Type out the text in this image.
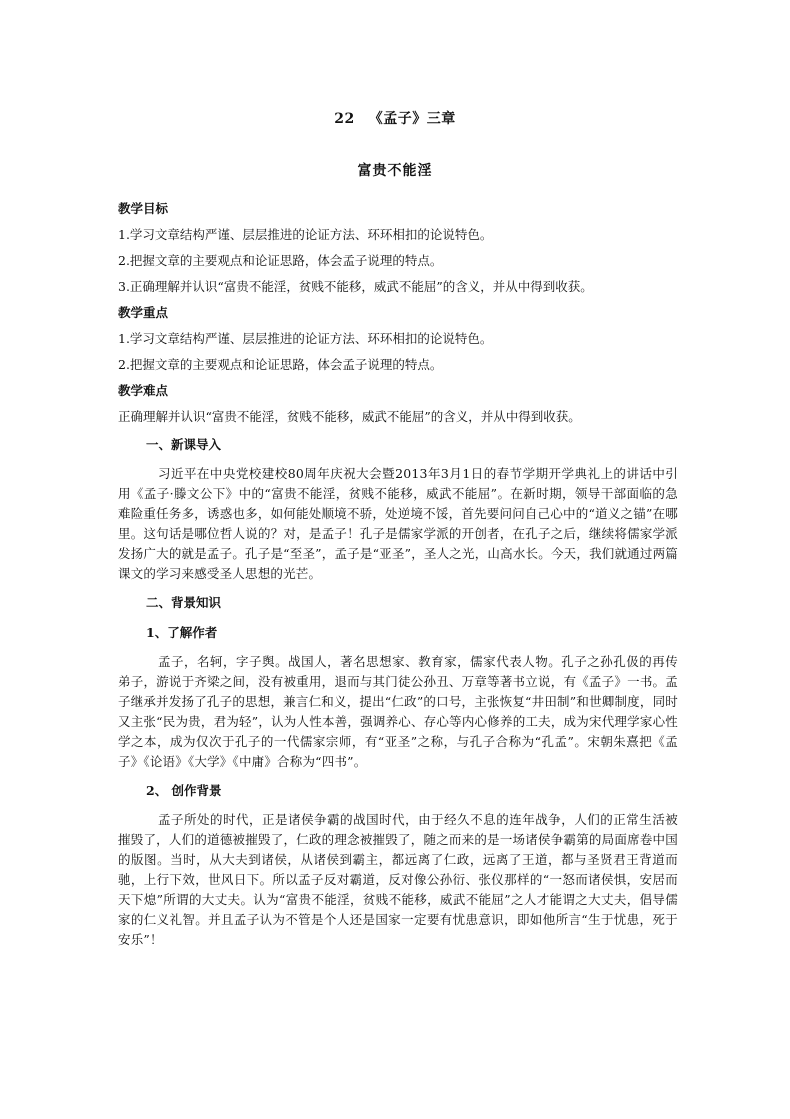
22 《孟子》三章
富贵不能淫

教学目标

1.学习文章结构严谨、层层推进的论证方法、环环相扣的论说特色。

2.把握文章的主要观点和论证思路，体会孟子说理的特点。

3.正确理解并认识“富贵不能淫，贫贱不能移，威武不能屈”的含义，并从中得到收获。

教学重点

1.学习文章结构严谨、层层推进的论证方法、环环相扣的论说特色。

2.把握文章的主要观点和论证思路，体会孟子说理的特点。

教学难点

正确理解并认识“富贵不能淫，贫贱不能移，威武不能屈”的含义，并从中得到收获。

一、新课导入

习近平在中央党校建校80周年庆祝大会暨2013年3月1日的春节学期开学典礼上的讲话中引用《孟子·滕文公下》中的“富贵不能淫，贫贱不能移，威武不能屈”。在新时期，领导干部面临的急难险重任务多，诱惑也多，如何能处顺境不骄，处逆境不馁，首先要问问自己心中的“道义之锚”在哪里。这句话是哪位哲人说的？对，是孟子！孔子是儒家学派的开创者，在孔子之后，继续将儒家学派发扬广大的就是孟子。孔子是“至圣”，孟子是“亚圣”，圣人之光，山高水长。今天，我们就通过两篇课文的学习来感受圣人思想的光芒。

二、背景知识

1、了解作者

孟子，名轲，字子舆。战国人，著名思想家、教育家，儒家代表人物。孔子之孙孔伋的再传弟子，游说于齐梁之间，没有被重用，退而与其门徒公孙丑、万章等著书立说，有《孟子》一书。孟子继承并发扬了孔子的思想，兼言仁和义，提出“仁政”的口号，主张恢复“井田制”和世卿制度，同时又主张“民为贵，君为轻”，认为人性本善，强调养心、存心等内心修养的工夫，成为宋代理学家心性学之本，成为仅次于孔子的一代儒家宗师，有“亚圣”之称，与孔子合称为“孔孟”。宋朝朱熹把《孟子》《论语》《大学》《中庸》合称为“四书”。

2、 创作背景

孟子所处的时代，正是诸侯争霸的战国时代，由于经久不息的连年战争，人们的正常生活被摧毁了，人们的道德被摧毁了，仁政的理念被摧毁了，随之而来的是一场诸侯争霸第的局面席卷中国的版图。当时，从大夫到诸侯，从诸侯到霸主，都远离了仁政，远离了王道，都与圣贤君王背道而驰，上行下效，世风日下。所以孟子反对霸道，反对像公孙衍、张仪那样的“一怒而诸侯惧，安居而天下熄”所谓的大丈夫。认为“富贵不能淫，贫贱不能移，威武不能屈”之人才能谓之大丈夫，倡导儒家的仁义礼智。并且孟子认为不管是个人还是国家一定要有忧患意识，即如他所言“生于忧患，死于安乐”！
